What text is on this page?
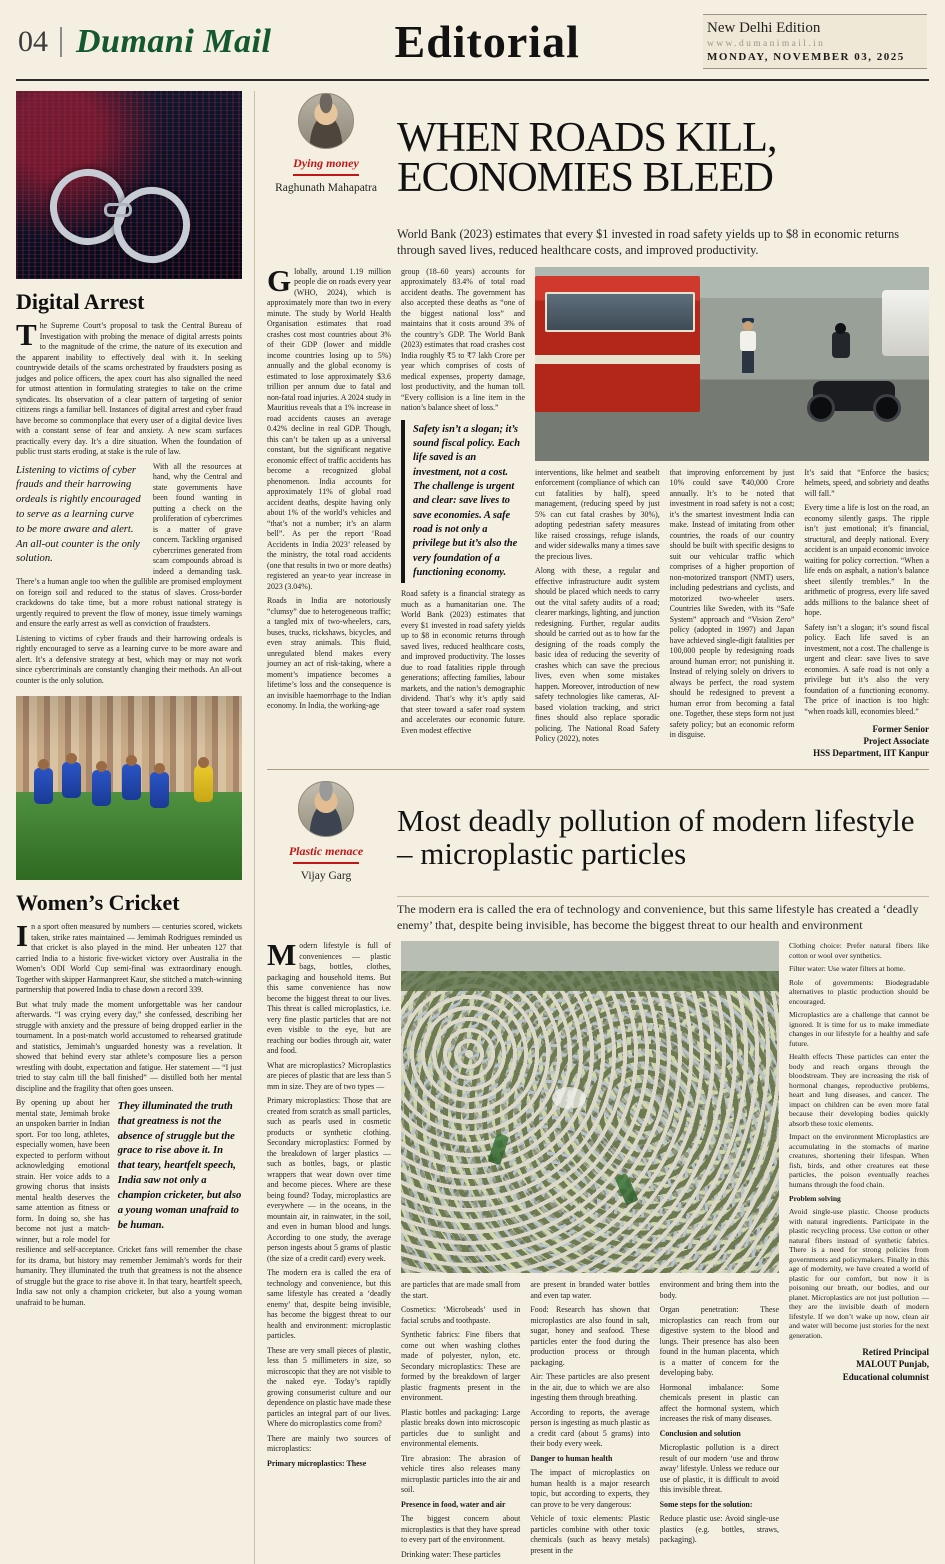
04 Dumani Mail	Editorial	New Delhi Edition
www.dumanimail.in
MONDAY, NOVEMBER 03, 2025
Digital Arrest

The Supreme Court’s proposal to task the Central Bureau of Investigation with probing the menace of digital arrests points to the magnitude of the crime, the nature of its execution and the apparent inability to effectively deal with it. In seeking countrywide details of the scams orchestrated by fraudsters posing as judges and police officers, the apex court has also signalled the need for utmost attention in formulating strategies to take on the crime syndicates. Its observation of a clear pattern of targeting of senior citizens rings a familiar bell. Instances of digital arrest and cyber fraud have become so commonplace that every user of a digital device lives with a constant sense of fear and anxiety. A new scam surfaces practically every day. It’s a dire situation. When the foundation of public trust starts eroding, at stake is the rule of law.

Listening to victims of cyber frauds and their harrowing ordeals is rightly encouraged to serve as a learning curve to be more aware and alert. An all-out counter is the only solution.

With all the resources at hand, why the Central and state governments have been found wanting in putting a check on the proliferation of cybercrimes is a matter of grave concern. Tackling organised cybercrimes generated from scam compounds abroad is indeed a demanding task. There’s a human angle too when the gullible are promised employment on foreign soil and reduced to the status of slaves. Cross-border crackdowns do take time, but a more robust national strategy is urgently required to prevent the flow of money, issue timely warnings and ensure the early arrest as well as conviction of fraudsters.

Listening to victims of cyber frauds and their harrowing ordeals is rightly encouraged to serve as a learning curve to be more aware and alert. It’s a defensive strategy at best, which may or may not work since cybercriminals are constantly changing their methods. An all-out counter is the only solution.

Women’s Cricket

In a sport often measured by numbers — centuries scored, wickets taken, strike rates maintained — Jemimah Rodrigues reminded us that cricket is also played in the mind. Her unbeaten 127 that carried India to a historic five-wicket victory over Australia in the Women’s ODI World Cup semi-final was extraordinary enough. Together with skipper Harmanpreet Kaur, she stitched a match-winning partnership that powered India to chase down a record 339.

But what truly made the moment unforgettable was her candour afterwards. “I was crying every day,” she confessed, describing her struggle with anxiety and the pressure of being dropped earlier in the tournament. In a post-match world accustomed to rehearsed gratitude and statistics, Jemimah’s unguarded honesty was a revelation. It showed that behind every star athlete’s composure lies a person wrestling with doubt, expectation and fatigue. Her statement — “I just tried to stay calm till the ball finished” — distilled both her mental discipline and the fragility that often goes unseen.

They illuminated the truth that greatness is not the absence of struggle but the grace to rise above it. In that teary, heartfelt speech, India saw not only a champion cricketer, but also a young woman unafraid to be human.

By opening up about her mental state, Jemimah broke an unspoken barrier in Indian sport. For too long, athletes, especially women, have been expected to perform without acknowledging emotional strain. Her voice adds to a growing chorus that insists mental health deserves the same attention as fitness or form. In doing so, she has become not just a match-winner, but a role model for resilience and self-acceptance. Cricket fans will remember the chase for its drama, but history may remember Jemimah’s words for their humanity. They illuminated the truth that greatness is not the absence of struggle but the grace to rise above it. In that teary, heartfelt speech, India saw not only a champion cricketer, but also a young woman unafraid to be human.

Dying money
Raghunath Mahapatra
WHEN ROADS KILL,
ECONOMIES BLEED
World Bank (2023) estimates that every $1 invested in road safety yields up to $8 in economic returns through saved lives, reduced healthcare costs, and improved productivity.

Globally, around 1.19 million people die on roads every year (WHO, 2024), which is approximately more than two in every minute. The study by World Health Organisation estimates that road crashes cost most countries about 3% of their GDP (lower and middle income countries losing up to 5%) annually and the global economy is estimated to lose approximately $3.6 trillion per annum due to fatal and non-fatal road injuries. A 2024 study in Mauritius reveals that a 1% increase in road accidents causes an average 0.42% decline in real GDP. Though, this can’t be taken up as a universal constant, but the significant negative economic effect of traffic accidents has become a recognized global phenomenon. India accounts for approximately 11% of global road accident deaths, despite having only about 1% of the world’s vehicles and “that’s not a number; it’s an alarm bell”. As per the report ‘Road Accidents in India 2023’ released by the ministry, the total road accidents (one that results in two or more deaths) registered an year-to year increase in 2023 (3.04%).

Roads in India are notoriously “clumsy” due to heterogeneous traffic; a tangled mix of two-wheelers, cars, buses, trucks, rickshaws, bicycles, and even stray animals. This fluid, unregulated blend makes every journey an act of risk-taking, where a moment’s impatience becomes a lifetime’s loss and the consequence is an invisible haemorrhage to the Indian economy. In India, the working-age

group (18–60 years) accounts for approximately 83.4% of total road accident deaths. The government has also accepted these deaths as “one of the biggest national loss” and maintains that it costs around 3% of the country’s GDP. The World Bank (2023) estimates that road crashes cost India roughly ₹5 to ₹7 lakh Crore per year which comprises of costs of medical expenses, property damage, lost productivity, and the human toll. “Every collision is a line item in the nation’s balance sheet of loss.”

Safety isn’t a slogan; it’s sound fiscal policy. Each life saved is an investment, not a cost. The challenge is urgent and clear: save lives to save economies. A safe road is not only a privilege but it’s also the very foundation of a functioning economy.

Road safety is a financial strategy as much as a humanitarian one. The World Bank (2023) estimates that every $1 invested in road safety yields up to $8 in economic returns through saved lives, reduced healthcare costs, and improved productivity. The losses due to road fatalities ripple through generations; affecting families, labour markets, and the nation’s demographic dividend. That’s why it’s aptly said that steer toward a safer road system and accelerates our economic future. Even modest effective

interventions, like helmet and seatbelt enforcement (compliance of which can cut fatalities by half), speed management, (reducing speed by just 5% can cut fatal crashes by 30%), adopting pedestrian safety measures like raised crossings, refuge islands, and wider sidewalks many a times save the precious lives.

Along with these, a regular and effective infrastructure audit system should be placed which needs to carry out the vital safety audits of a road; clearer markings, lighting, and junction redesigning. Further, regular audits should be carried out as to how far the designing of the roads comply the basic idea of reducing the severity of crashes which can save the precious lives, even when some mistakes happen. Moreover, introduction of new safety technologies like cameras, AI-based violation tracking, and strict fines should also replace sporadic policing. The National Road Safety Policy (2022), notes

that improving enforcement by just 10% could save ₹40,000 Crore annually. It’s to be noted that investment in road safety is not a cost; it’s the smartest investment India can make. Instead of imitating from other countries, the roads of our country should be built with specific designs to suit our vehicular traffic which comprises of a higher proportion of non-motorized transport (NMT) users, including pedestrians and cyclists, and motorized two-wheeler users. Countries like Sweden, with its “Safe System” approach and “Vision Zero” policy (adopted in 1997) and Japan have achieved single-digit fatalities per 100,000 people by redesigning roads around human error; not punishing it. Instead of relying solely on drivers to always be perfect, the road system should be redesigned to prevent a human error from becoming a fatal one. Together, these steps form not just safety policy; but an economic reform in disguise.

It’s said that “Enforce the basics; helmets, speed, and sobriety and deaths will fall.”

Every time a life is lost on the road, an economy silently gasps. The ripple isn’t just emotional; it’s financial, structural, and deeply national. Every accident is an unpaid economic invoice waiting for policy correction. “When a life ends on asphalt, a nation’s balance sheet silently trembles.” In the arithmetic of progress, every life saved adds millions to the balance sheet of hope.

Safety isn’t a slogan; it’s sound fiscal policy. Each life saved is an investment, not a cost. The challenge is urgent and clear: save lives to save economies. A safe road is not only a privilege but it’s also the very foundation of a functioning economy. The price of inaction is too high: “when roads kill, economies bleed.”

Former Senior
Project Associate
HSS Department, IIT Kanpur
Plastic menace
Vijay Garg
Most deadly pollution of modern lifestyle – microplastic particles
The modern era is called the era of technology and convenience, but this same lifestyle has created a ‘deadly enemy’ that, despite being invisible, has become the biggest threat to our health and environment

Modern lifestyle is full of conveniences — plastic bags, bottles, clothes, packaging and household items. But this same convenience has now become the biggest threat to our lives. This threat is called microplastics, i.e. very fine plastic particles that are not even visible to the eye, but are reaching our bodies through air, water and food.

What are microplastics? Microplastics are pieces of plastic that are less than 5 mm in size. They are of two types —

Primary microplastics: Those that are created from scratch as small particles, such as pearls used in cosmetic products or synthetic clothing. Secondary microplastics: Formed by the breakdown of larger plastics — such as bottles, bags, or plastic wrappers that wear down over time and become pieces. Where are these being found? Today, microplastics are everywhere — in the oceans, in the mountain air, in rainwater, in the soil, and even in human blood and lungs. According to one study, the average person ingests about 5 grams of plastic (the size of a credit card) every week.

The modern era is called the era of technology and convenience, but this same lifestyle has created a ‘deadly enemy’ that, despite being invisible, has become the biggest threat to our health and environment: microplastic particles.

These are very small pieces of plastic, less than 5 millimeters in size, so microscopic that they are not visible to the naked eye. Today’s rapidly growing consumerist culture and our dependence on plastic have made these particles an integral part of our lives. Where do microplastics come from?

There are mainly two sources of microplastics:

Primary microplastics: These

are particles that are made small from the start.

Cosmetics: ‘Microbeads’ used in facial scrubs and toothpaste.

Synthetic fabrics: Fine fibers that come out when washing clothes made of polyester, nylon, etc. Secondary microplastics: These are formed by the breakdown of larger plastic fragments present in the environment.

Plastic bottles and packaging: Large plastic breaks down into microscopic particles due to sunlight and environmental elements.

Tire abrasion: The abrasion of vehicle tires also releases many microplastic particles into the air and soil.

Presence in food, water and air

The biggest concern about microplastics is that they have spread to every part of the environment.

Drinking water: These particles

are present in branded water bottles and even tap water.

Food: Research has shown that microplastics are also found in salt, sugar, honey and seafood. These particles enter the food during the production process or through packaging.

Air: These particles are also present in the air, due to which we are also ingesting them through breathing.

According to reports, the average person is ingesting as much plastic as a credit card (about 5 grams) into their body every week.

Danger to human health

The impact of microplastics on human health is a major research topic, but according to experts, they can prove to be very dangerous:

Vehicle of toxic elements: Plastic particles combine with other toxic chemicals (such as heavy metals) present in the

environment and bring them into the body.

Organ penetration: These microplastics can reach from our digestive system to the blood and lungs. Their presence has also been found in the human placenta, which is a matter of concern for the developing baby.

Hormonal imbalance: Some chemicals present in plastic can affect the hormonal system, which increases the risk of many diseases.

Conclusion and solution

Microplastic pollution is a direct result of our modern ‘use and throw away’ lifestyle. Unless we reduce our use of plastic, it is difficult to avoid this invisible threat.

Some steps for the solution:

Reduce plastic use: Avoid single-use plastics (e.g. bottles, straws, packaging).

Clothing choice: Prefer natural fibers like cotton or wool over synthetics.

Filter water: Use water filters at home.

Role of governments: Biodegradable alternatives to plastic production should be encouraged.

Microplastics are a challenge that cannot be ignored. It is time for us to make immediate changes in our lifestyle for a healthy and safe future.

Health effects These particles can enter the body and reach organs through the bloodstream. They are increasing the risk of hormonal changes, reproductive problems, heart and lung diseases, and cancer. The impact on children can be even more fatal because their developing bodies quickly absorb these toxic elements.

Impact on the environment Microplastics are accumulating in the stomachs of marine creatures, shortening their lifespan. When fish, birds, and other creatures eat these particles, the poison eventually reaches humans through the food chain.

Problem solving

Avoid single-use plastic. Choose products with natural ingredients. Participate in the plastic recycling process. Use cotton or other natural fibers instead of synthetic fabrics. There is a need for strong policies from governments and policymakers. Finally in this age of modernity, we have created a world of plastic for our comfort, but now it is poisoning our breath, our bodies, and our planet. Microplastics are not just pollution — they are the invisible death of modern lifestyle. If we don’t wake up now, clean air and water will become just stories for the next generation.

Retired Principal
MALOUT Punjab,
Educational columnist
